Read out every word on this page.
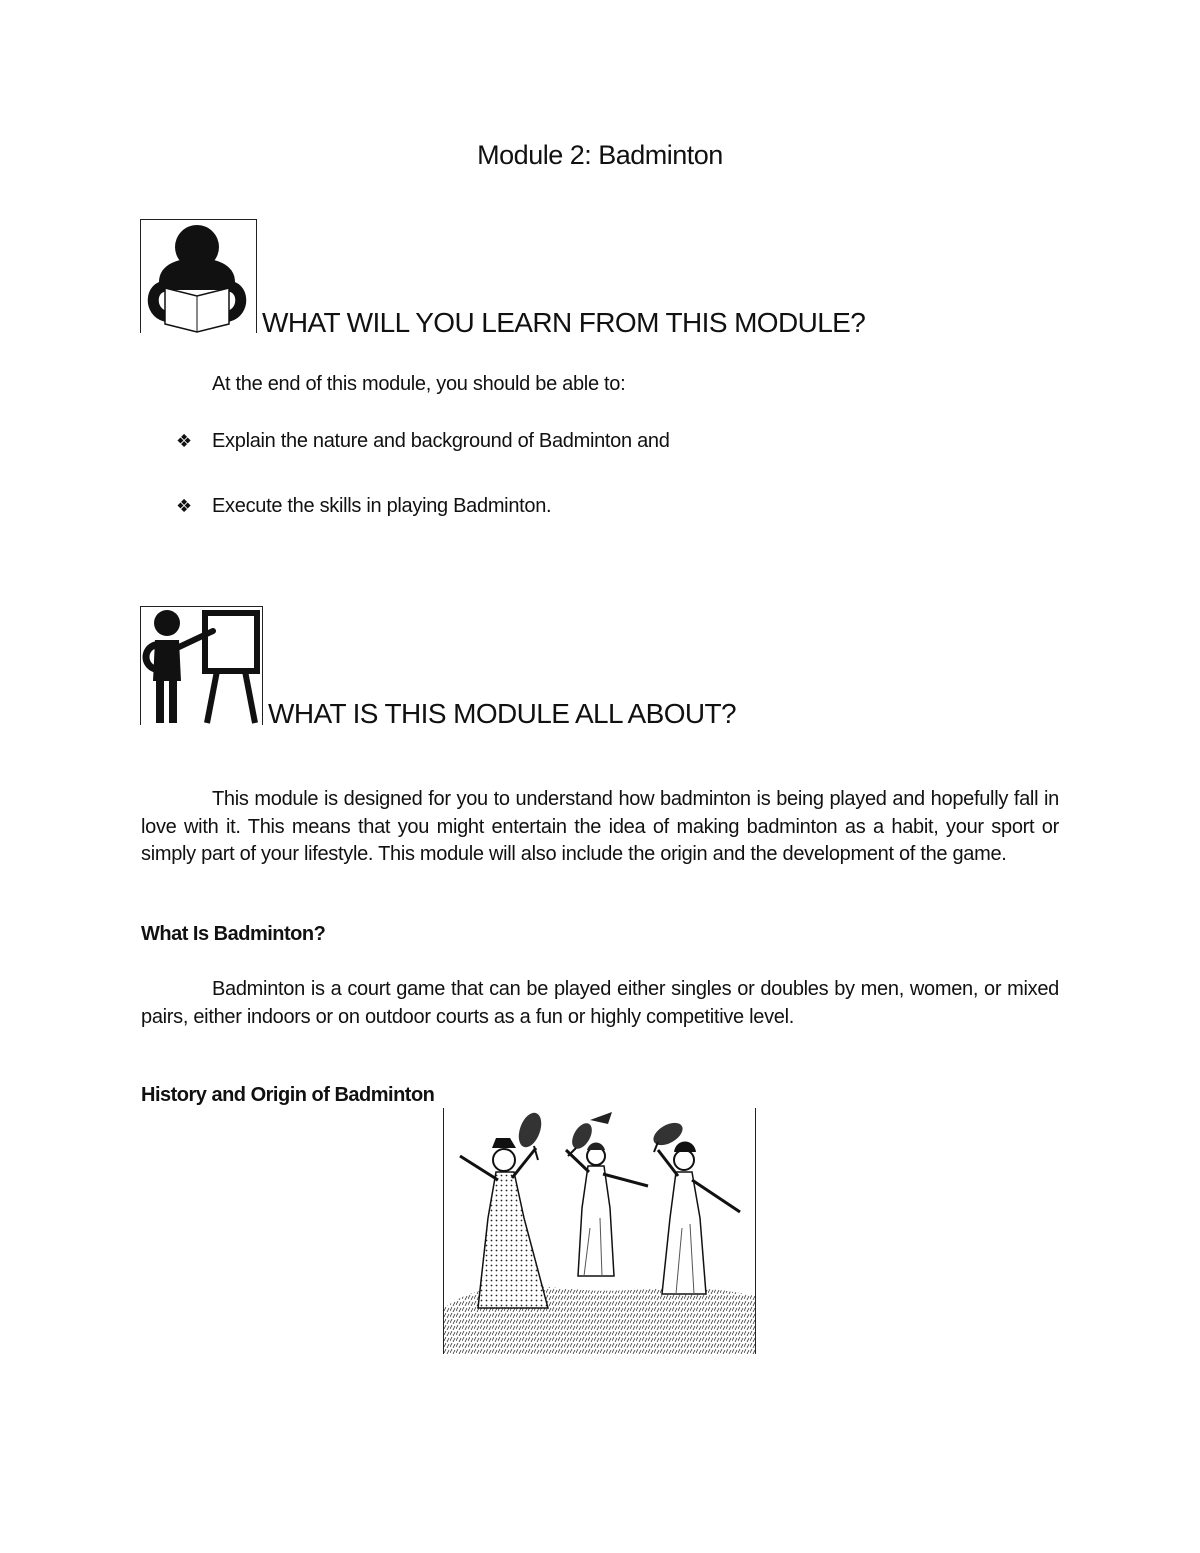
Module 2: Badminton
WHAT WILL YOU LEARN FROM THIS MODULE?
At the end of this module, you should be able to:
❖	Explain the nature and background of Badminton and
❖	Execute the skills in playing Badminton.
WHAT IS THIS MODULE ALL ABOUT?

This module is designed for you to understand how badminton is being played and hopefully fall in love with it. This means that you might entertain the idea of making badminton as a habit, your sport or simply part of your lifestyle. This module will also include the origin and the development of the game.

What Is Badminton?

Badminton is a court game that can be played either singles or doubles by men, women, or mixed pairs, either indoors or on outdoor courts as a fun or highly competitive level.

History and Origin of Badminton
